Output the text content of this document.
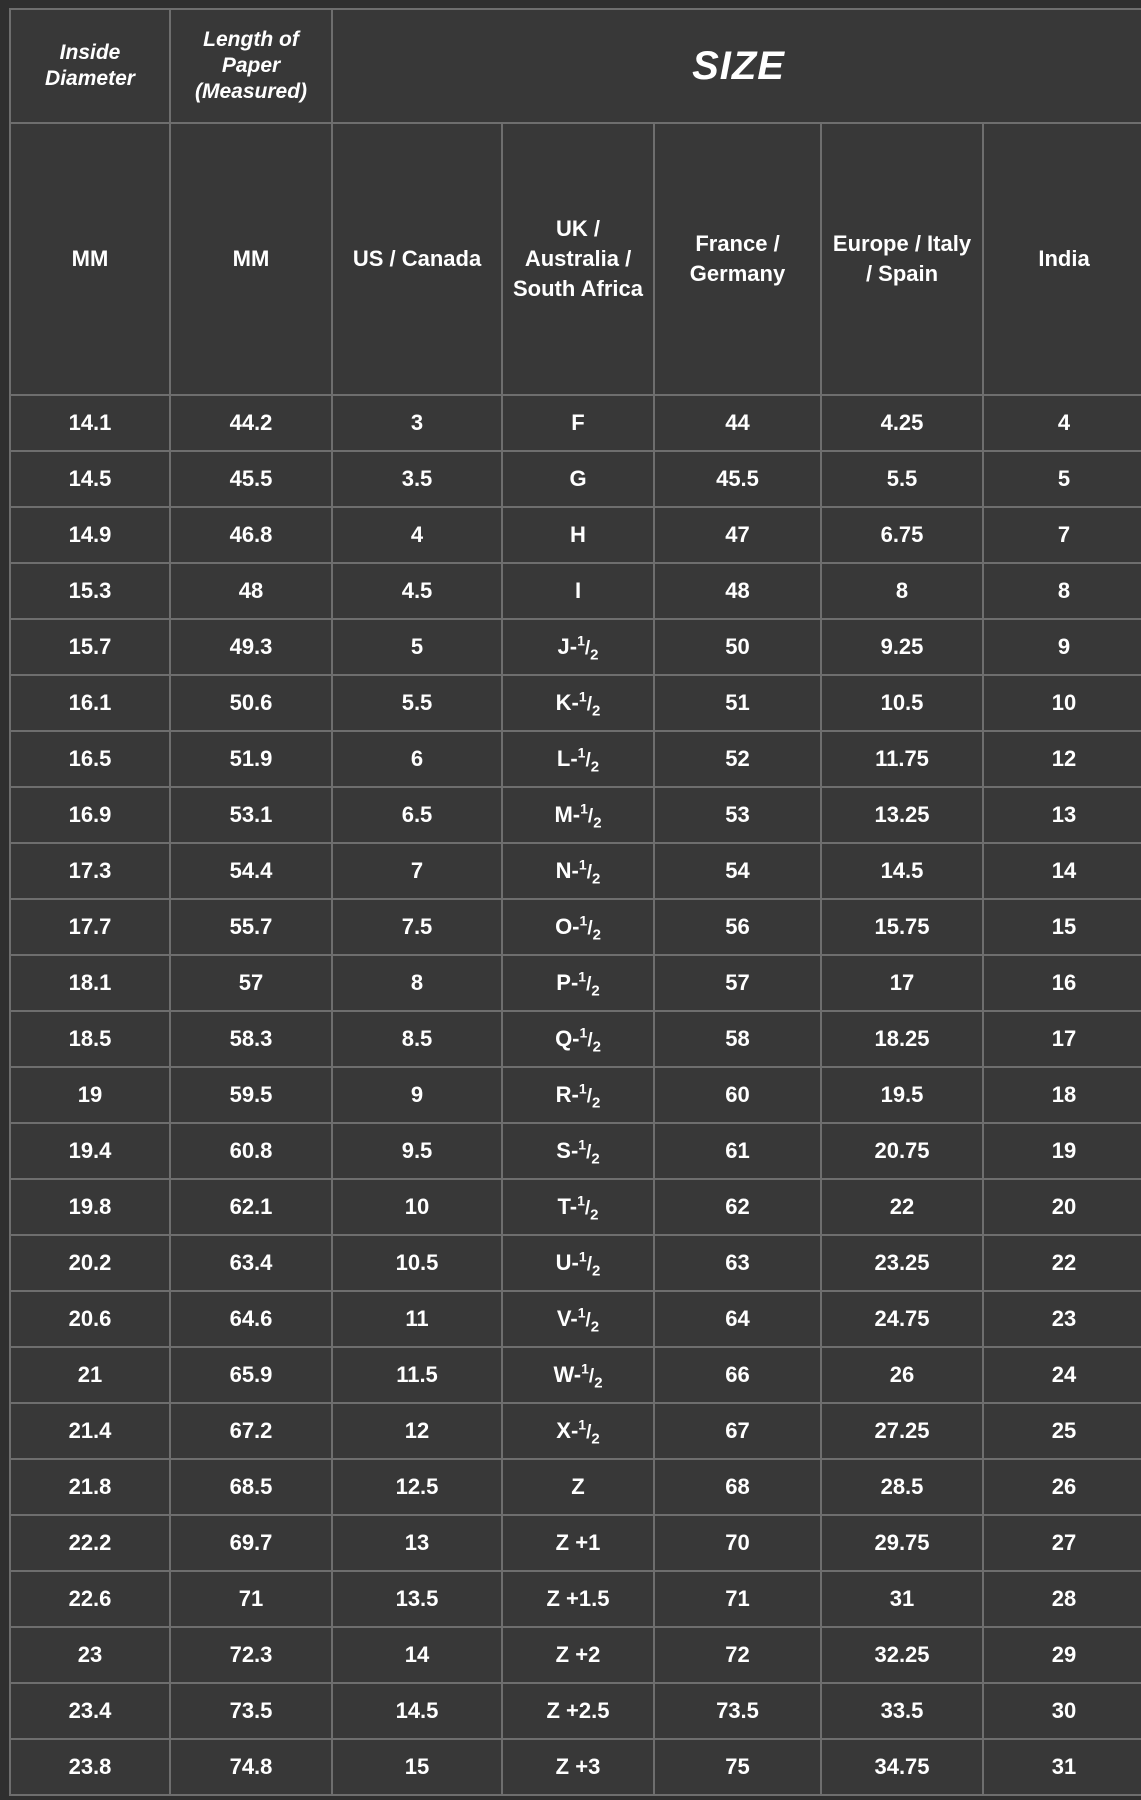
Inside Diameter	Length of Paper (Measured)	SIZE				

MM	MM	US / Canada	UK / Australia / South Africa	France / Germany	Europe / Italy / Spain	India

14.1	44.2	3	F	44	4.25	4
14.5	45.5	3.5	G	45.5	5.5	5
14.9	46.8	4	H	47	6.75	7
15.3	48	4.5	I	48	8	8
15.7	49.3	5	$J-^1/_2$	50	9.25	9
16.1	50.6	5.5	$K-^1/_2$	51	10.5	10
16.5	51.9	6	$L-^1/_2$	52	11.75	12
16.9	53.1	6.5	$M-^1/_2$	53	13.25	13
17.3	54.4	7	$N-^1/_2$	54	14.5	14
17.7	55.7	7.5	$O-^1/_2$	56	15.75	15
18.1	57	8	$P-^1/_2$	57	17	16
18.5	58.3	8.5	$Q-^1/_2$	58	18.25	17
19	59.5	9	$R-^1/_2$	60	19.5	18
19.4	60.8	9.5	$S-^1/_2$	61	20.75	19
19.8	62.1	10	$T-^1/_2$	62	22	20
20.2	63.4	10.5	$U-^1/_2$	63	23.25	22
20.6	64.6	11	$V-^1/_2$	64	24.75	23
21	65.9	11.5	$W-^1/_2$	66	26	24
21.4	67.2	12	$X-^1/_2$	67	27.25	25
21.8	68.5	12.5	Z	68	28.5	26
22.2	69.7	13	Z +1	70	29.75	27
22.6	71	13.5	Z +1.5	71	31	28
23	72.3	14	Z +2	72	32.25	29
23.4	73.5	14.5	Z +2.5	73.5	33.5	30
23.8	74.8	15	Z +3	75	34.75	31
